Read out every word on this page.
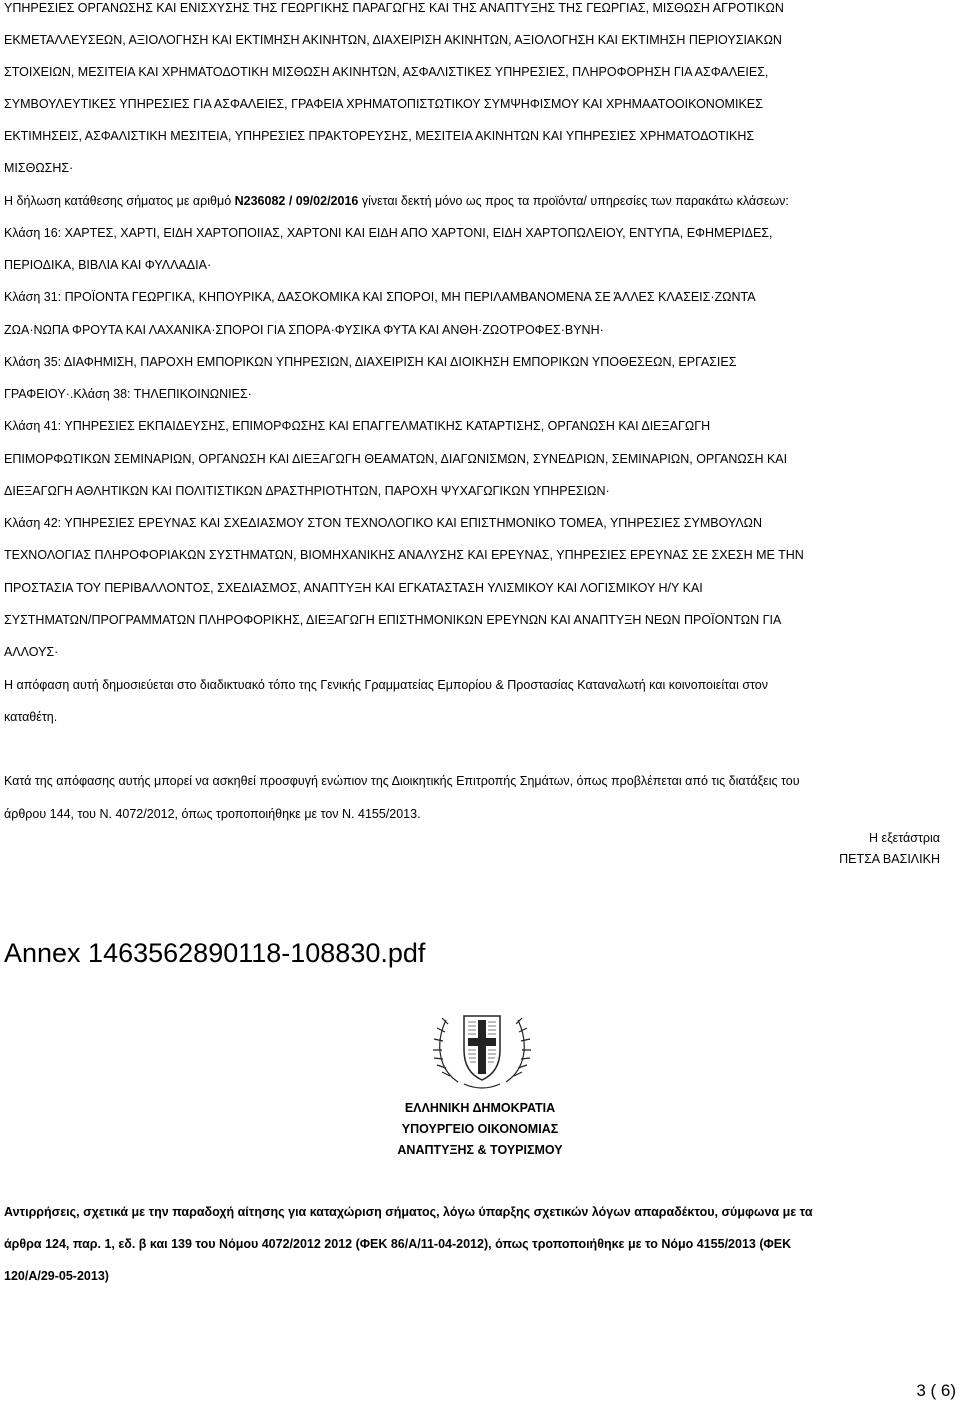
ΥΠΗΡΕΣΙΕΣ ΟΡΓΑΝΩΣΗΣ ΚΑΙ ΕΝΙΣΧΥΣΗΣ ΤΗΣ ΓΕΩΡΓΙΚΗΣ ΠΑΡΑΓΩΓΗΣ ΚΑΙ ΤΗΣ ΑΝΑΠΤΥΞΗΣ ΤΗΣ ΓΕΩΡΓΙΑΣ, ΜΙΣΘΩΣΗ ΑΓΡΟΤΙΚΩΝ
ΕΚΜΕΤΑΛΛΕΥΣΕΩΝ, ΑΞΙΟΛΟΓΗΣΗ ΚΑΙ ΕΚΤΙΜΗΣΗ ΑΚΙΝΗΤΩΝ, ΔΙΑΧΕΙΡΙΣΗ ΑΚΙΝΗΤΩΝ, ΑΞΙΟΛΟΓΗΣΗ ΚΑΙ ΕΚΤΙΜΗΣΗ ΠΕΡΙΟΥΣΙΑΚΩΝ
ΣΤΟΙΧΕΙΩΝ, ΜΕΣΙΤΕΙΑ ΚΑΙ ΧΡΗΜΑΤΟΔΟΤΙΚΗ ΜΙΣΘΩΣΗ ΑΚΙΝΗΤΩΝ, ΑΣΦΑΛΙΣΤΙΚΕΣ ΥΠΗΡΕΣΙΕΣ, ΠΛΗΡΟΦΟΡΗΣΗ ΓΙΑ ΑΣΦΑΛΕΙΕΣ,
ΣΥΜΒΟΥΛΕΥΤΙΚΕΣ ΥΠΗΡΕΣΙΕΣ ΓΙΑ ΑΣΦΑΛΕΙΕΣ, ΓΡΑΦΕΙΑ ΧΡΗΜΑΤΟΠΙΣΤΩΤΙΚΟΥ ΣΥΜΨΗΦΙΣΜΟΥ ΚΑΙ ΧΡΗΜΑΑΤΟΟΙΚΟΝΟΜΙΚΕΣ
ΕΚΤΙΜΗΣΕΙΣ, ΑΣΦΑΛΙΣΤΙΚΗ ΜΕΣΙΤΕΙΑ, ΥΠΗΡΕΣΙΕΣ ΠΡΑΚΤΟΡΕΥΣΗΣ, ΜΕΣΙΤΕΙΑ ΑΚΙΝΗΤΩΝ ΚΑΙ ΥΠΗΡΕΣΙΕΣ ΧΡΗΜΑΤΟΔΟΤΙΚΗΣ
ΜΙΣΘΩΣΗΣ·
Η δήλωση κατάθεσης σήματος με αριθμό Ν236082 / 09/02/2016 γίνεται δεκτή μόνο ως προς τα προϊόντα/ υπηρεσίες των παρακάτω κλάσεων:
Κλάση 16: ΧΑΡΤΕΣ, ΧΑΡΤΙ, ΕΙΔΗ ΧΑΡΤΟΠΟΙΙΑΣ, ΧΑΡΤΟΝΙ ΚΑΙ ΕΙΔΗ ΑΠΟ ΧΑΡΤΟΝΙ, ΕΙΔΗ ΧΑΡΤΟΠΩΛΕΙΟΥ, ΕΝΤΥΠΑ, ΕΦΗΜΕΡΙΔΕΣ,
ΠΕΡΙΟΔΙΚΑ, ΒΙΒΛΙΑ ΚΑΙ ΦΥΛΛΑΔΙΑ·
Κλάση 31: ΠΡΟΪΟΝΤΑ ΓΕΩΡΓΙΚΑ, ΚΗΠΟΥΡΙΚΑ, ΔΑΣΟΚΟΜΙΚΑ ΚΑΙ ΣΠΟΡΟΙ, ΜΗ ΠΕΡΙΛΑΜΒΑΝΟΜΕΝΑ ΣΕ ΆΛΛΕΣ ΚΛΑΣΕΙΣ·ΖΩΝΤΑ
ΖΩΑ·ΝΩΠΑ ΦΡΟΥΤΑ ΚΑΙ ΛΑΧΑΝΙΚΑ·ΣΠΟΡΟΙ ΓΙΑ ΣΠΟΡΑ·ΦΥΣΙΚΑ ΦΥΤΑ ΚΑΙ ΑΝΘΗ·ΖΩΟΤΡΟΦΕΣ·ΒΥΝΗ·
Κλάση 35: ΔΙΑΦΗΜΙΣΗ, ΠΑΡΟΧΗ ΕΜΠΟΡΙΚΩΝ ΥΠΗΡΕΣΙΩΝ, ΔΙΑΧΕΙΡΙΣΗ ΚΑΙ ΔΙΟΙΚΗΣΗ ΕΜΠΟΡΙΚΩΝ ΥΠΟΘΕΣΕΩΝ, ΕΡΓΑΣΙΕΣ
ΓΡΑΦΕΙΟΥ·.Κλάση 38: ΤΗΛΕΠΙΚΟΙΝΩΝΙΕΣ·
Κλάση 41: ΥΠΗΡΕΣΙΕΣ ΕΚΠΑΙΔΕΥΣΗΣ, ΕΠΙΜΟΡΦΩΣΗΣ ΚΑΙ ΕΠΑΓΓΕΛΜΑΤΙΚΗΣ ΚΑΤΑΡΤΙΣΗΣ, ΟΡΓΑΝΩΣΗ ΚΑΙ ΔΙΕΞΑΓΩΓΗ
ΕΠΙΜΟΡΦΩΤΙΚΩΝ ΣΕΜΙΝΑΡΙΩΝ, ΟΡΓΑΝΩΣΗ ΚΑΙ ΔΙΕΞΑΓΩΓΗ ΘΕΑΜΑΤΩΝ, ΔΙΑΓΩΝΙΣΜΩΝ, ΣΥΝΕΔΡΙΩΝ, ΣΕΜΙΝΑΡΙΩΝ, ΟΡΓΑΝΩΣΗ ΚΑΙ
ΔΙΕΞΑΓΩΓΗ ΑΘΛΗΤΙΚΩΝ ΚΑΙ ΠΟΛΙΤΙΣΤΙΚΩΝ ΔΡΑΣΤΗΡΙΟΤΗΤΩΝ, ΠΑΡΟΧΗ ΨΥΧΑΓΩΓΙΚΩΝ ΥΠΗΡΕΣΙΩΝ·
Κλάση 42: ΥΠΗΡΕΣΙΕΣ ΕΡΕΥΝΑΣ ΚΑΙ ΣΧΕΔΙΑΣΜΟΥ ΣΤΟΝ ΤΕΧΝΟΛΟΓΙΚΟ ΚΑΙ ΕΠΙΣΤΗΜΟΝΙΚΟ ΤΟΜΕΑ, ΥΠΗΡΕΣΙΕΣ ΣΥΜΒΟΥΛΩΝ
ΤΕΧΝΟΛΟΓΙΑΣ ΠΛΗΡΟΦΟΡΙΑΚΩΝ ΣΥΣΤΗΜΑΤΩΝ, ΒΙΟΜΗΧΑΝΙΚΗΣ ΑΝΑΛΥΣΗΣ ΚΑΙ ΕΡΕΥΝΑΣ, ΥΠΗΡΕΣΙΕΣ ΕΡΕΥΝΑΣ ΣΕ ΣΧΕΣΗ ΜΕ ΤΗΝ
ΠΡΟΣΤΑΣΙΑ ΤΟΥ ΠΕΡΙΒΑΛΛΟΝΤΟΣ, ΣΧΕΔΙΑΣΜΟΣ, ΑΝΑΠΤΥΞΗ ΚΑΙ ΕΓΚΑΤΑΣΤΑΣΗ ΥΛΙΣΜΙΚΟΥ ΚΑΙ ΛΟΓΙΣΜΙΚΟΥ Η/Υ ΚΑΙ
ΣΥΣΤΗΜΑΤΩΝ/ΠΡΟΓΡΑΜΜΑΤΩΝ ΠΛΗΡΟΦΟΡΙΚΗΣ, ΔΙΕΞΑΓΩΓΗ ΕΠΙΣΤΗΜΟΝΙΚΩΝ ΕΡΕΥΝΩΝ ΚΑΙ ΑΝΑΠΤΥΞΗ ΝΕΩΝ ΠΡΟΪΟΝΤΩΝ ΓΙΑ
ΑΛΛΟΥΣ·
Η απόφαση αυτή δημοσιεύεται στο διαδικτυακό τόπο της Γενικής Γραμματείας Εμπορίου & Προστασίας Καταναλωτή και κοινοποιείται στον
καταθέτη.
Κατά της απόφασης αυτής μπορεί να ασκηθεί προσφυγή ενώπιον της Διοικητικής Επιτροπής Σημάτων, όπως προβλέπεται από τις διατάξεις του
άρθρου 144, του Ν. 4072/2012, όπως τροποποιήθηκε με τον Ν. 4155/2013.
Η εξετάστρια
ΠΕΤΣΑ ΒΑΣΙΛΙΚΗ
Annex 1463562890118-108830.pdf
ΕΛΛΗΝΙΚΗ ΔΗΜΟΚΡΑΤΙΑ
ΥΠΟΥΡΓΕΙΟ ΟΙΚΟΝΟΜΙΑΣ
ΑΝΑΠΤΥΞΗΣ & ΤΟΥΡΙΣΜΟΥ
Αντιρρήσεις, σχετικά με την παραδοχή αίτησης για καταχώριση σήματος, λόγω ύπαρξης σχετικών λόγων απαραδέκτου, σύμφωνα με τα
άρθρα 124, παρ. 1, εδ. β και 139 του Νόμου 4072/2012 2012 (ΦΕΚ 86/Α/11-04-2012), όπως τροποποιήθηκε με το Νόμο 4155/2013 (ΦΕΚ
120/Α/29-05-2013)
3 ( 6)
